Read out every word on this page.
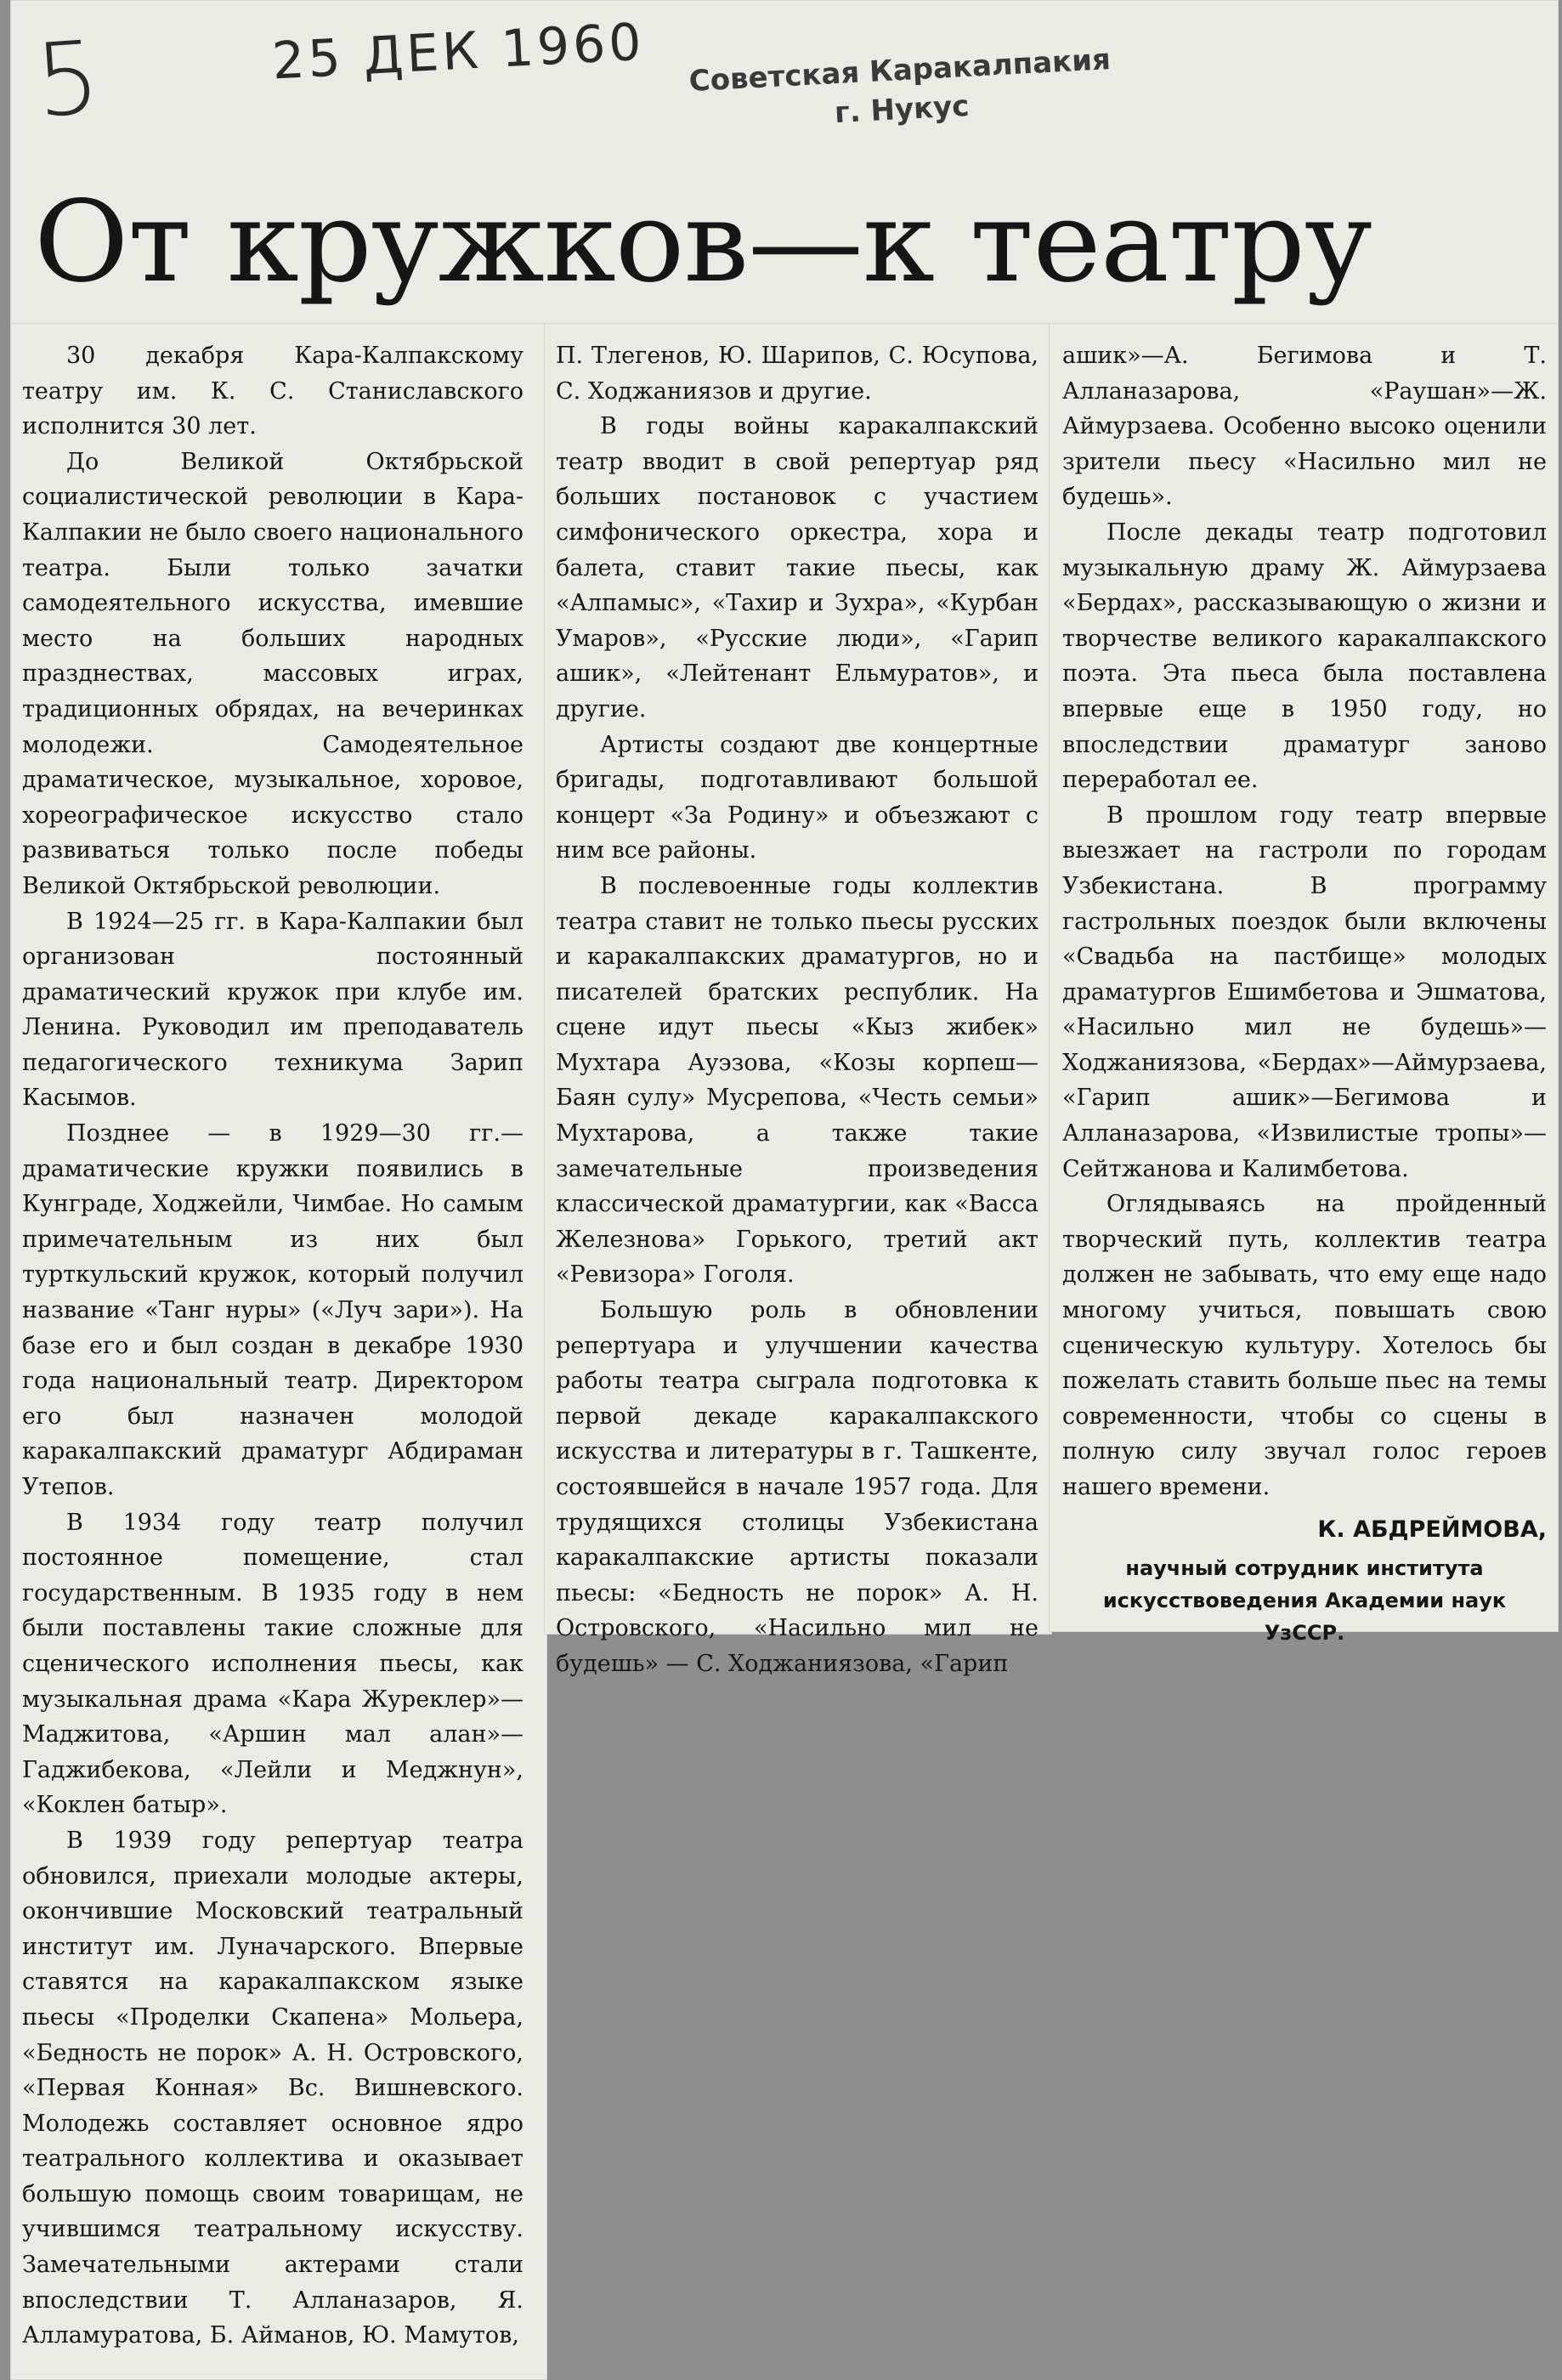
5	25 ДЕК 1960	Советская Каракалпакия
г. Нукус
От кружков—к театру

30 декабря Кара-Калпакскому театру им. К. С. Станиславского исполнится 30 лет.

До Великой Октябрьской социалистической революции в Кара-Калпакии не было своего национального театра. Были только зачатки самодеятельного искусства, имевшие место на больших народных празднествах, массовых играх, традиционных обрядах, на вечеринках молодежи. Самодеятельное драматическое, музыкальное, хоровое, хореографическое искусство стало развиваться только после победы Великой Октябрьской революции.

В 1924—25 гг. в Кара-Калпакии был организован постоянный драматический кружок при клубе им. Ленина. Руководил им преподаватель педагогического техникума Зарип Касымов.

Позднее — в 1929—30 гг.—драматические кружки появились в Кунграде, Ходжейли, Чимбае. Но самым примечательным из них был турткульский кружок, который получил название «Танг нуры» («Луч зари»). На базе его и был создан в декабре 1930 года национальный театр. Директором его был назначен молодой каракалпакский драматург Абдираман Утепов.

В 1934 году театр получил постоянное помещение, стал государственным. В 1935 году в нем были поставлены такие сложные для сценического исполнения пьесы, как музыкальная драма «Кара Журеклер»—Маджитова, «Аршин мал алан»—Гаджибекова, «Лейли и Меджнун», «Коклен батыр».

В 1939 году репертуар театра обновился, приехали молодые актеры, окончившие Московский театральный институт им. Луначарского. Впервые ставятся на каракалпакском языке пьесы «Проделки Скапена» Мольера, «Бедность не порок» А. Н. Островского, «Первая Конная» Вс. Вишневского. Молодежь составляет основное ядро театрального коллектива и оказывает большую помощь своим товарищам, не учившимся театральному искусству. Замечательными актерами стали впоследствии Т. Алланазаров, Я. Алламуратова, Б. Айманов, Ю. Мамутов,

П. Тлегенов, Ю. Шарипов, С. Юсупова, С. Ходжаниязов и другие.

В годы войны каракалпакский театр вводит в свой репертуар ряд больших постановок с участием симфонического оркестра, хора и балета, ставит такие пьесы, как «Алпамыс», «Тахир и Зухра», «Курбан Умаров», «Русские люди», «Гарип ашик», «Лейтенант Ельмуратов», и другие.

Артисты создают две концертные бригады, подготавливают большой концерт «За Родину» и объезжают с ним все районы.

В послевоенные годы коллектив театра ставит не только пьесы русских и каракалпакских драматургов, но и писателей братских республик. На сцене идут пьесы «Кыз жибек» Мухтара Ауэзова, «Козы корпеш—Баян сулу» Мусрепова, «Честь семьи» Мухтарова, а также такие замечательные произведения классической драматургии, как «Васса Железнова» Горького, третий акт «Ревизора» Гоголя.

Большую роль в обновлении репертуара и улучшении качества работы театра сыграла подготовка к первой декаде каракалпакского искусства и литературы в г. Ташкенте, состоявшейся в начале 1957 года. Для трудящихся столицы Узбекистана каракалпакские артисты показали пьесы: «Бедность не порок» А. Н. Островского, «Насильно мил не будешь» — С. Ходжаниязова, «Гарип

ашик»—А. Бегимова и Т. Алланазарова, «Раушан»—Ж. Аймурзаева. Особенно высоко оценили зрители пьесу «Насильно мил не будешь».

После декады театр подготовил музыкальную драму Ж. Аймурзаева «Бердах», рассказывающую о жизни и творчестве великого каракалпакского поэта. Эта пьеса была поставлена впервые еще в 1950 году, но впоследствии драматург заново переработал ее.

В прошлом году театр впервые выезжает на гастроли по городам Узбекистана. В программу гастрольных поездок были включены «Свадьба на пастбище» молодых драматургов Ешимбетова и Эшматова, «Насильно мил не будешь»—Ходжаниязова, «Бердах»—Аймурзаева, «Гарип ашик»—Бегимова и Алланазарова, «Извилистые тропы»—Сейтжанова и Калимбетова.

Оглядываясь на пройденный творческий путь, коллектив театра должен не забывать, что ему еще надо многому учиться, повышать свою сценическую культуру. Хотелось бы пожелать ставить больше пьес на темы современности, чтобы со сцены в полную силу звучал голос героев нашего времени.

К. АБДРЕЙМОВА,

научный сотрудник института искусствоведения Академии наук УзССР.
